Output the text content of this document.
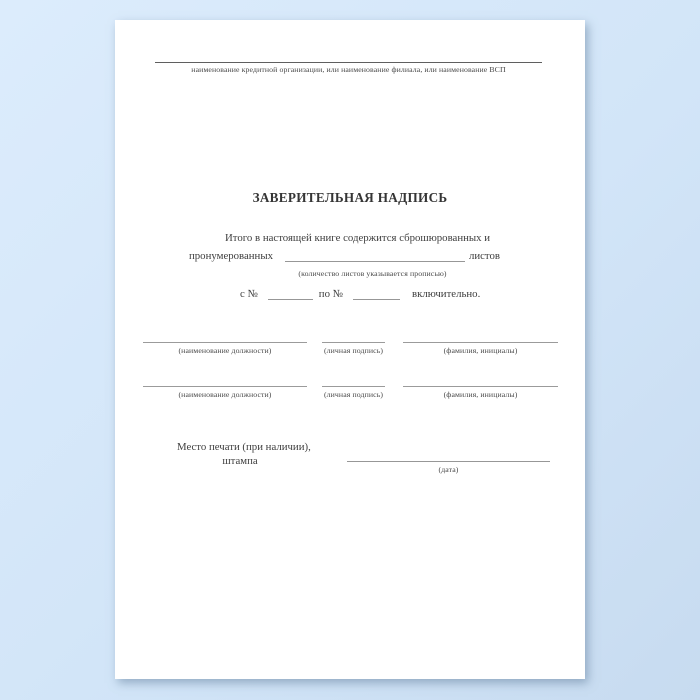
наименование кредитной организации, или наименование филиала, или наименование ВСП
ЗАВЕРИТЕЛЬНАЯ НАДПИСЬ
Итого в настоящей книге содержится сброшюрованных и
пронумерованных	листов
(количество листов указывается прописью)
с №	по №	включительно.
(наименование должности)	(личная подпись)	(фамилия, инициалы)
(наименование должности)	(личная подпись)	(фамилия, инициалы)
Место печати (при наличии),
штампа
(дата)
